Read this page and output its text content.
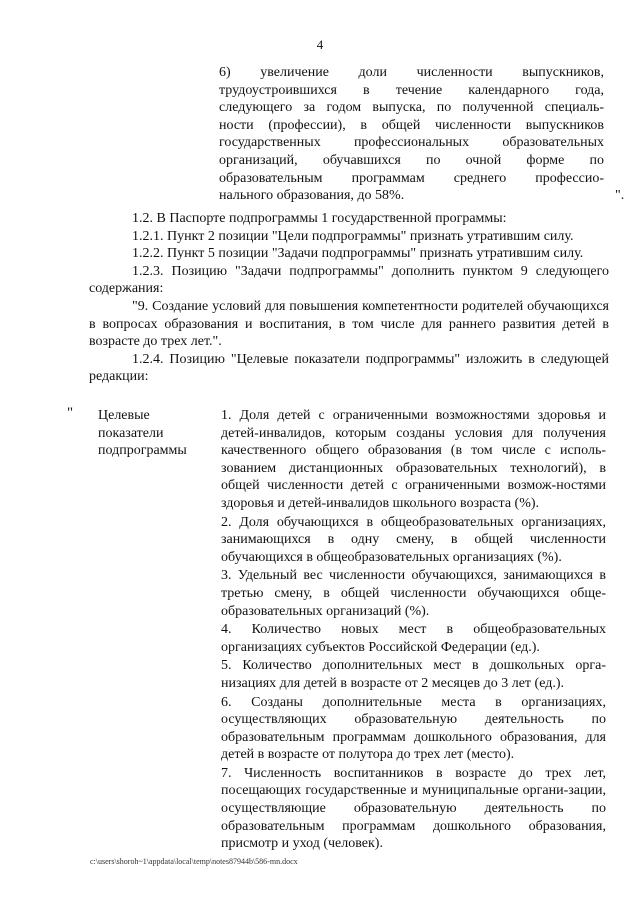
4
6) увеличение доли численности выпускников,
трудоустроившихся в течение календарного года,
следующего за годом выпуска, по полученной специаль-
ности (профессии), в общей численности выпускников
государственных профессиональных образовательных
организаций, обучавшихся по очной форме по
образовательным программам среднего профессио-
нального образования, до 58%.	".

1.2. В Паспорте подпрограммы 1 государственной программы:

1.2.1. Пункт 2 позиции "Цели подпрограммы" признать утратившим силу.

1.2.2. Пункт 5 позиции "Задачи подпрограммы" признать утратившим силу.

1.2.3. Позицию "Задачи подпрограммы" дополнить пунктом 9 следующего содержания:

"9. Создание условий для повышения компетентности родителей обучающихся в вопросах образования и воспитания, в том числе для раннего развития детей в возрасте до трех лет.".

1.2.4. Позицию "Целевые показатели подпрограммы" изложить в следующей редакции:

" Целевые показатели подпрограммы

1. Доля детей с ограниченными возможностями здоровья и детей-инвалидов, которым созданы условия для получения качественного общего образования (в том числе с исполь-зованием дистанционных образовательных технологий), в общей численности детей с ограниченными возмож-ностями здоровья и детей-инвалидов школьного возраста (%).

2. Доля обучающихся в общеобразовательных организациях, занимающихся в одну смену, в общей численности обучающихся в общеобразовательных организациях (%).

3. Удельный вес численности обучающихся, занимающихся в третью смену, в общей численности обучающихся обще-образовательных организаций (%).

4. Количество новых мест в общеобразовательных организациях субъектов Российской Федерации (ед.).

5. Количество дополнительных мест в дошкольных орга-низациях для детей в возрасте от 2 месяцев до 3 лет (ед.).

6. Созданы дополнительные места в организациях, осуществляющих образовательную деятельность по образовательным программам дошкольного образования, для детей в возрасте от полутора до трех лет (место).

7. Численность воспитанников в возрасте до трех лет, посещающих государственные и муниципальные органи-зации, осуществляющие образовательную деятельность по образовательным программам дошкольного образования, присмотр и уход (человек).

c:\users\shoroh~1\appdata\local\temp\notes87944b\586-mn.docx
